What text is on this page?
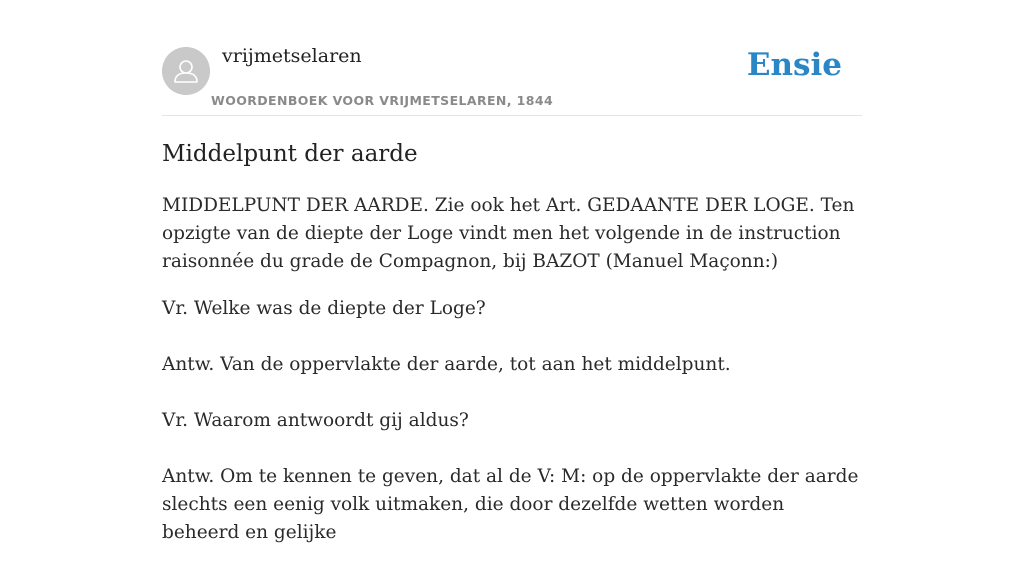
vrijmetselaren
WOORDENBOEK VOOR VRIJMETSELAREN, 1844
Ensie
Middelpunt der aarde

MIDDELPUNT DER AARDE. Zie ook het Art. GEDAANTE DER LOGE. Ten opzigte van de diepte der Loge vindt men het volgende in de instruction raisonnée du grade de Compagnon, bij BAZOT (Manuel Maçonn:)

Vr. Welke was de diepte der Loge?

Antw. Van de oppervlakte der aarde, tot aan het middelpunt.

Vr. Waarom antwoordt gij aldus?

Antw. Om te kennen te geven, dat al de V: M: op de oppervlakte der aarde slechts een eenig volk uitmaken, die door dezelfde wetten worden beheerd en gelijke
